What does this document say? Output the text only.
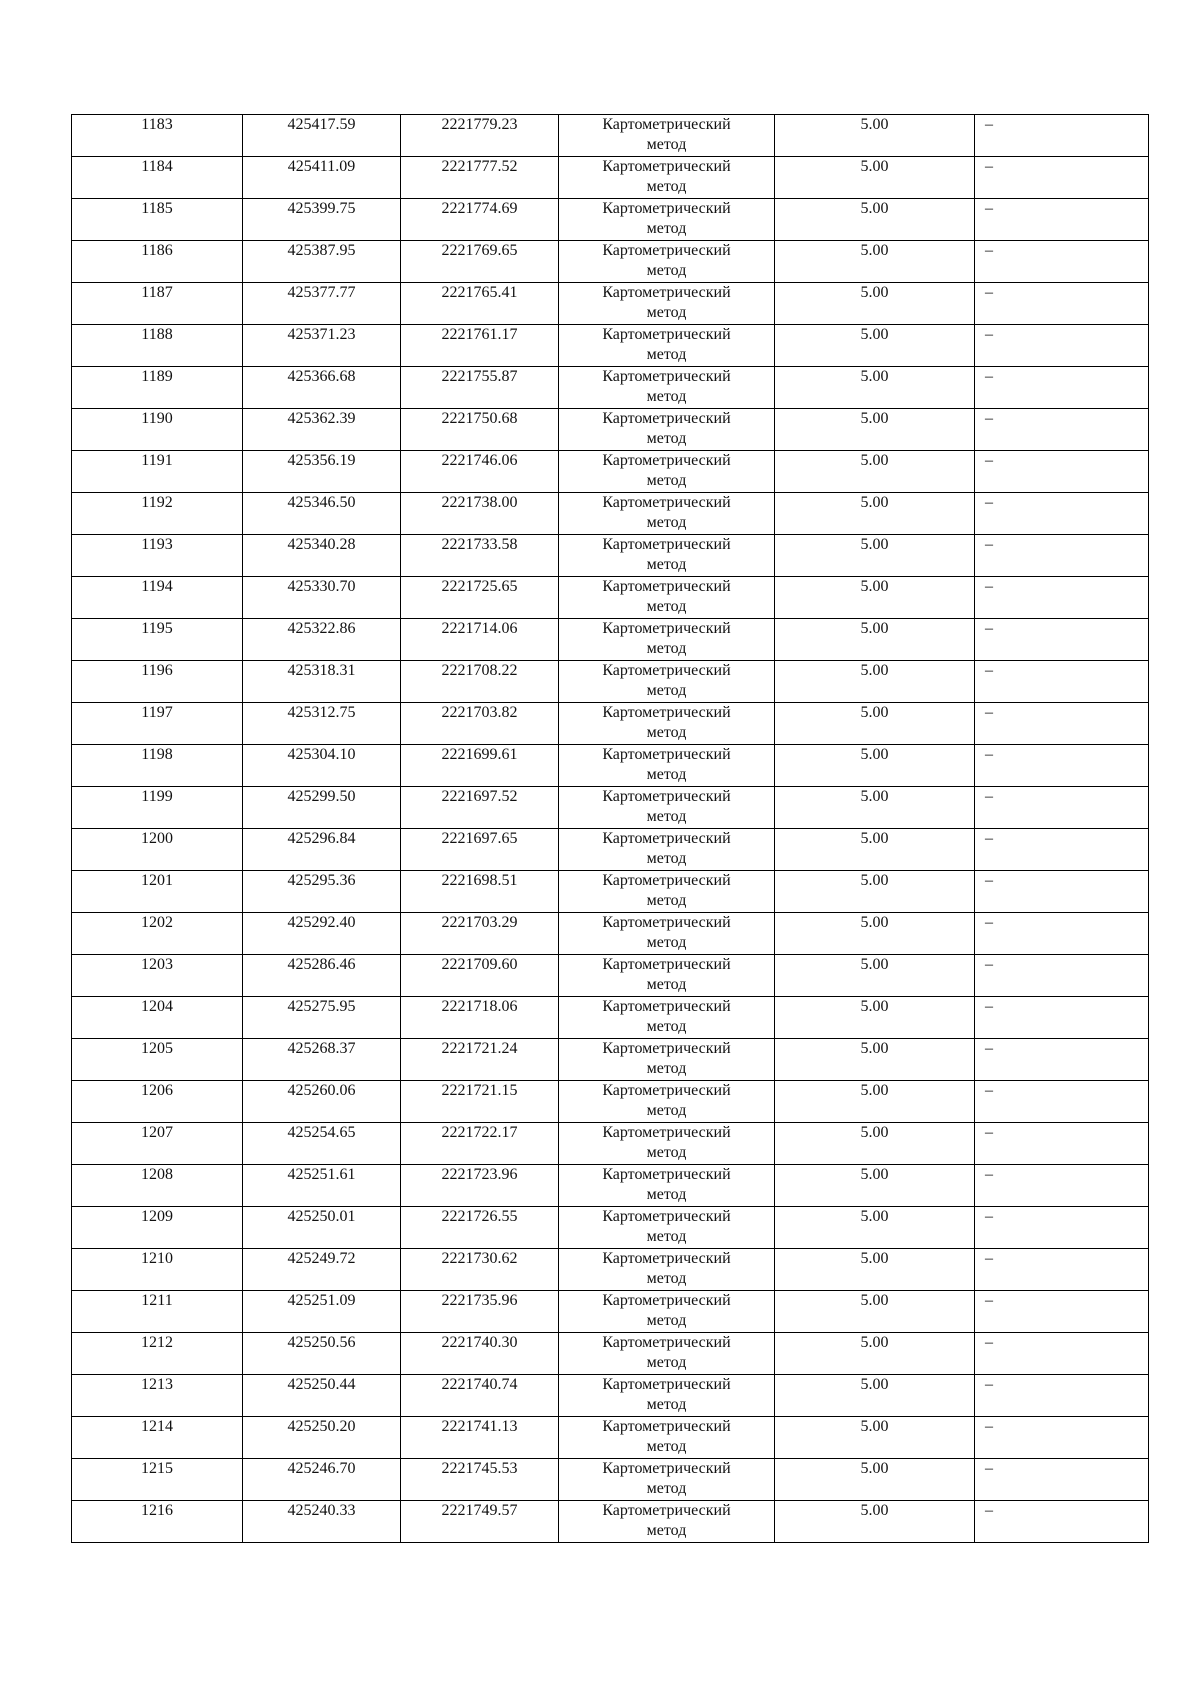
1183	425417.59	2221779.23	Картометрический
метод	5.00	–
1184	425411.09	2221777.52	Картометрический
метод	5.00	–
1185	425399.75	2221774.69	Картометрический
метод	5.00	–
1186	425387.95	2221769.65	Картометрический
метод	5.00	–
1187	425377.77	2221765.41	Картометрический
метод	5.00	–
1188	425371.23	2221761.17	Картометрический
метод	5.00	–
1189	425366.68	2221755.87	Картометрический
метод	5.00	–
1190	425362.39	2221750.68	Картометрический
метод	5.00	–
1191	425356.19	2221746.06	Картометрический
метод	5.00	–
1192	425346.50	2221738.00	Картометрический
метод	5.00	–
1193	425340.28	2221733.58	Картометрический
метод	5.00	–
1194	425330.70	2221725.65	Картометрический
метод	5.00	–
1195	425322.86	2221714.06	Картометрический
метод	5.00	–
1196	425318.31	2221708.22	Картометрический
метод	5.00	–
1197	425312.75	2221703.82	Картометрический
метод	5.00	–
1198	425304.10	2221699.61	Картометрический
метод	5.00	–
1199	425299.50	2221697.52	Картометрический
метод	5.00	–
1200	425296.84	2221697.65	Картометрический
метод	5.00	–
1201	425295.36	2221698.51	Картометрический
метод	5.00	–
1202	425292.40	2221703.29	Картометрический
метод	5.00	–
1203	425286.46	2221709.60	Картометрический
метод	5.00	–
1204	425275.95	2221718.06	Картометрический
метод	5.00	–
1205	425268.37	2221721.24	Картометрический
метод	5.00	–
1206	425260.06	2221721.15	Картометрический
метод	5.00	–
1207	425254.65	2221722.17	Картометрический
метод	5.00	–
1208	425251.61	2221723.96	Картометрический
метод	5.00	–
1209	425250.01	2221726.55	Картометрический
метод	5.00	–
1210	425249.72	2221730.62	Картометрический
метод	5.00	–
1211	425251.09	2221735.96	Картометрический
метод	5.00	–
1212	425250.56	2221740.30	Картометрический
метод	5.00	–
1213	425250.44	2221740.74	Картометрический
метод	5.00	–
1214	425250.20	2221741.13	Картометрический
метод	5.00	–
1215	425246.70	2221745.53	Картометрический
метод	5.00	–
1216	425240.33	2221749.57	Картометрический
метод	5.00	–
